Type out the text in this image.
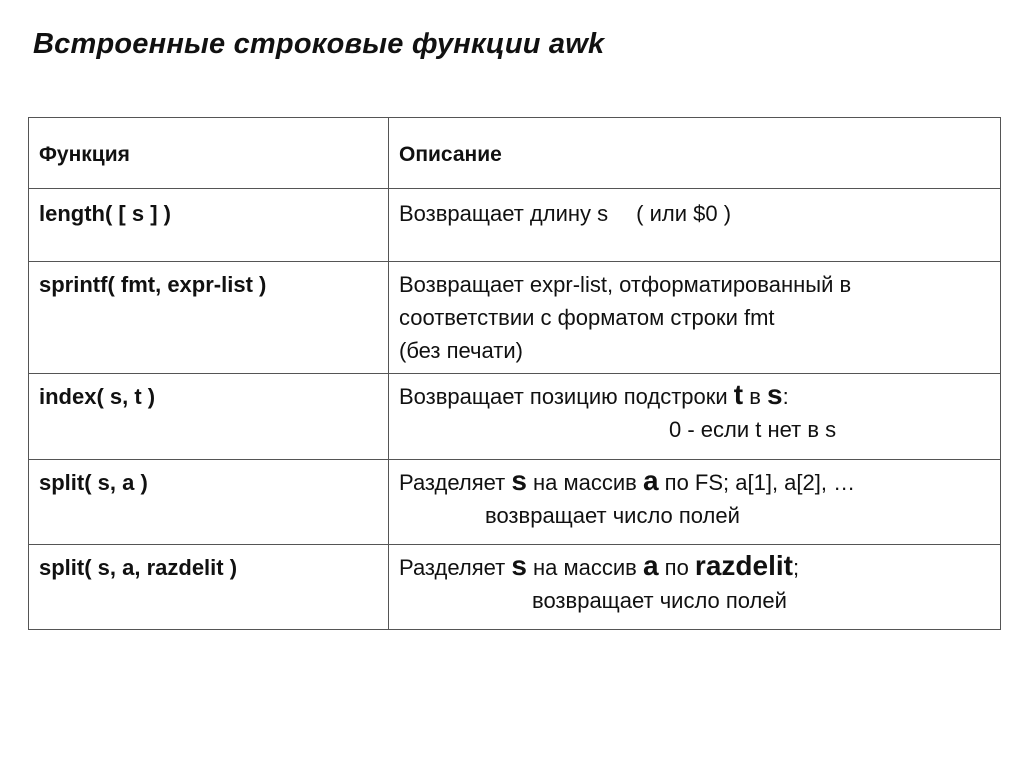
Встроенные строковые функции awk
Функция	Описание
length( [ s ] )	Возвращает длину s ( или $0 )

sprintf( fmt, expr-list )	Возвращает expr-list, отформатированный в
соответствии с форматом строки fmt
(без печати)

index( s, t )	Возвращает позицию подстроки t в s:
0 - если t нет в s

split( s, a )	Разделяет s на массив a по FS; a[1], a[2], …
возвращает число полей

split( s, a, razdelit )	Разделяет s на массив a по razdelit;
возвращает число полей
